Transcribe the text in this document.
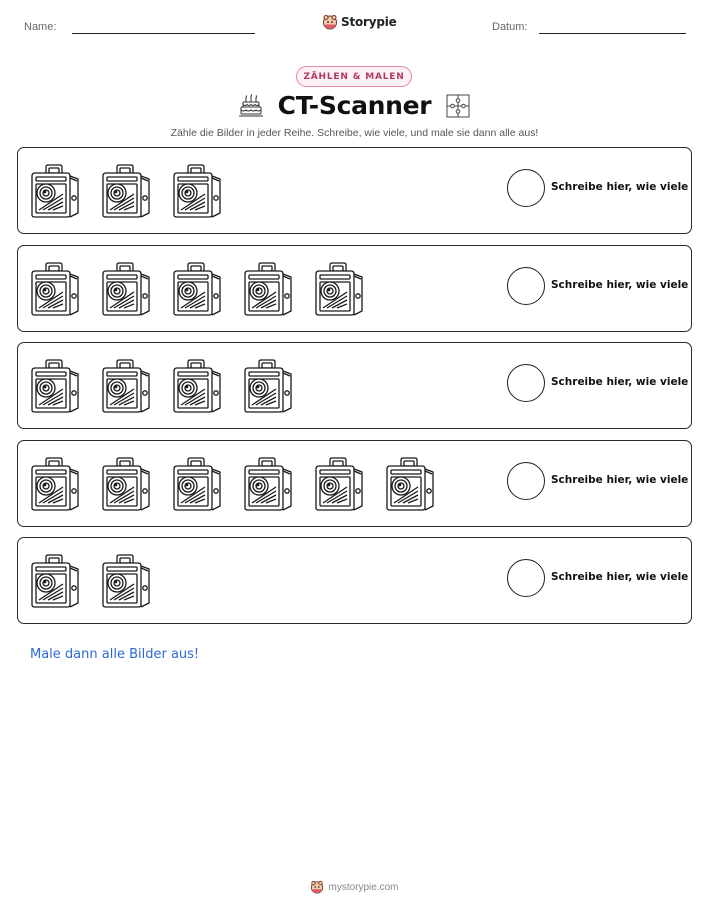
Name:	Storypie	Datum:
ZÄHLEN & MALEN
CT-Scanner
Zähle die Bilder in jeder Reihe. Schreibe, wie viele, und male sie dann alle aus!
Schreibe hier, wie viele
Schreibe hier, wie viele
Schreibe hier, wie viele
Schreibe hier, wie viele
Schreibe hier, wie viele
Male dann alle Bilder aus!
mystorypie.com
